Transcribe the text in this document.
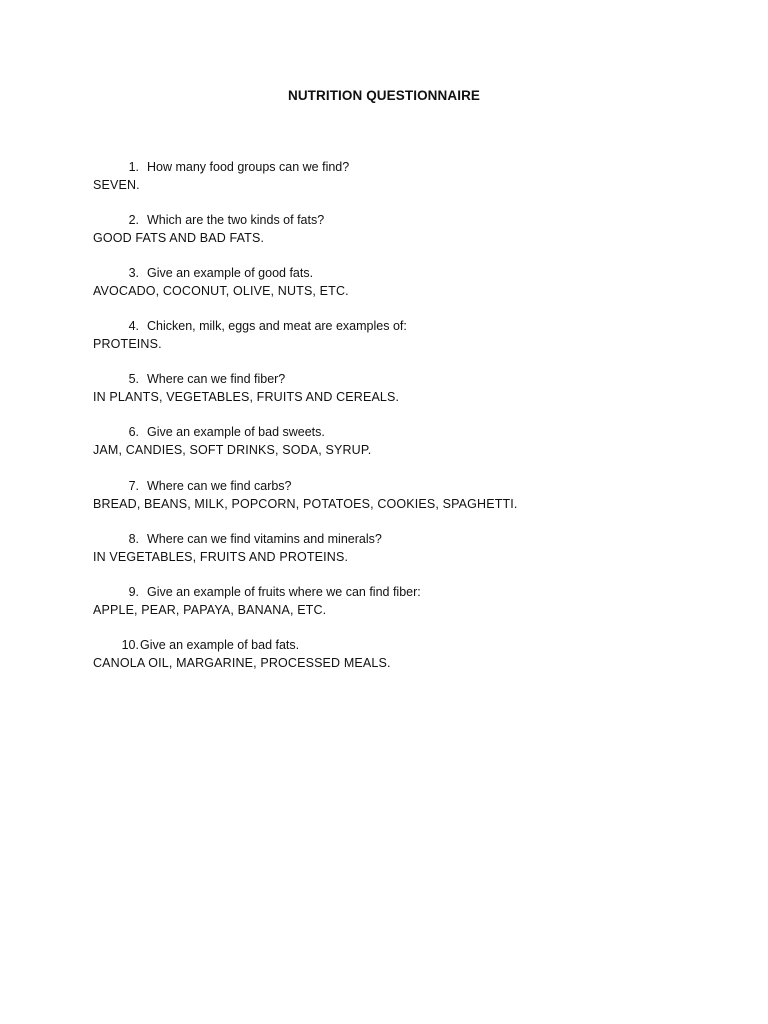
NUTRITION QUESTIONNAIRE
1. How many food groups can we find?
SEVEN.
2. Which are the two kinds of fats?
GOOD FATS AND BAD FATS.
3. Give an example of good fats.
AVOCADO, COCONUT, OLIVE, NUTS, ETC.
4. Chicken, milk, eggs and meat are examples of:
PROTEINS.
5. Where can we find fiber?
IN PLANTS, VEGETABLES, FRUITS AND CEREALS.
6. Give an example of bad sweets.
JAM, CANDIES, SOFT DRINKS, SODA, SYRUP.
7. Where can we find carbs?
BREAD, BEANS, MILK, POPCORN, POTATOES, COOKIES, SPAGHETTI.
8. Where can we find vitamins and minerals?
IN VEGETABLES, FRUITS AND PROTEINS.
9. Give an example of fruits where we can find fiber:
APPLE, PEAR, PAPAYA, BANANA, ETC.
10. Give an example of bad fats.
CANOLA OIL, MARGARINE, PROCESSED MEALS.
